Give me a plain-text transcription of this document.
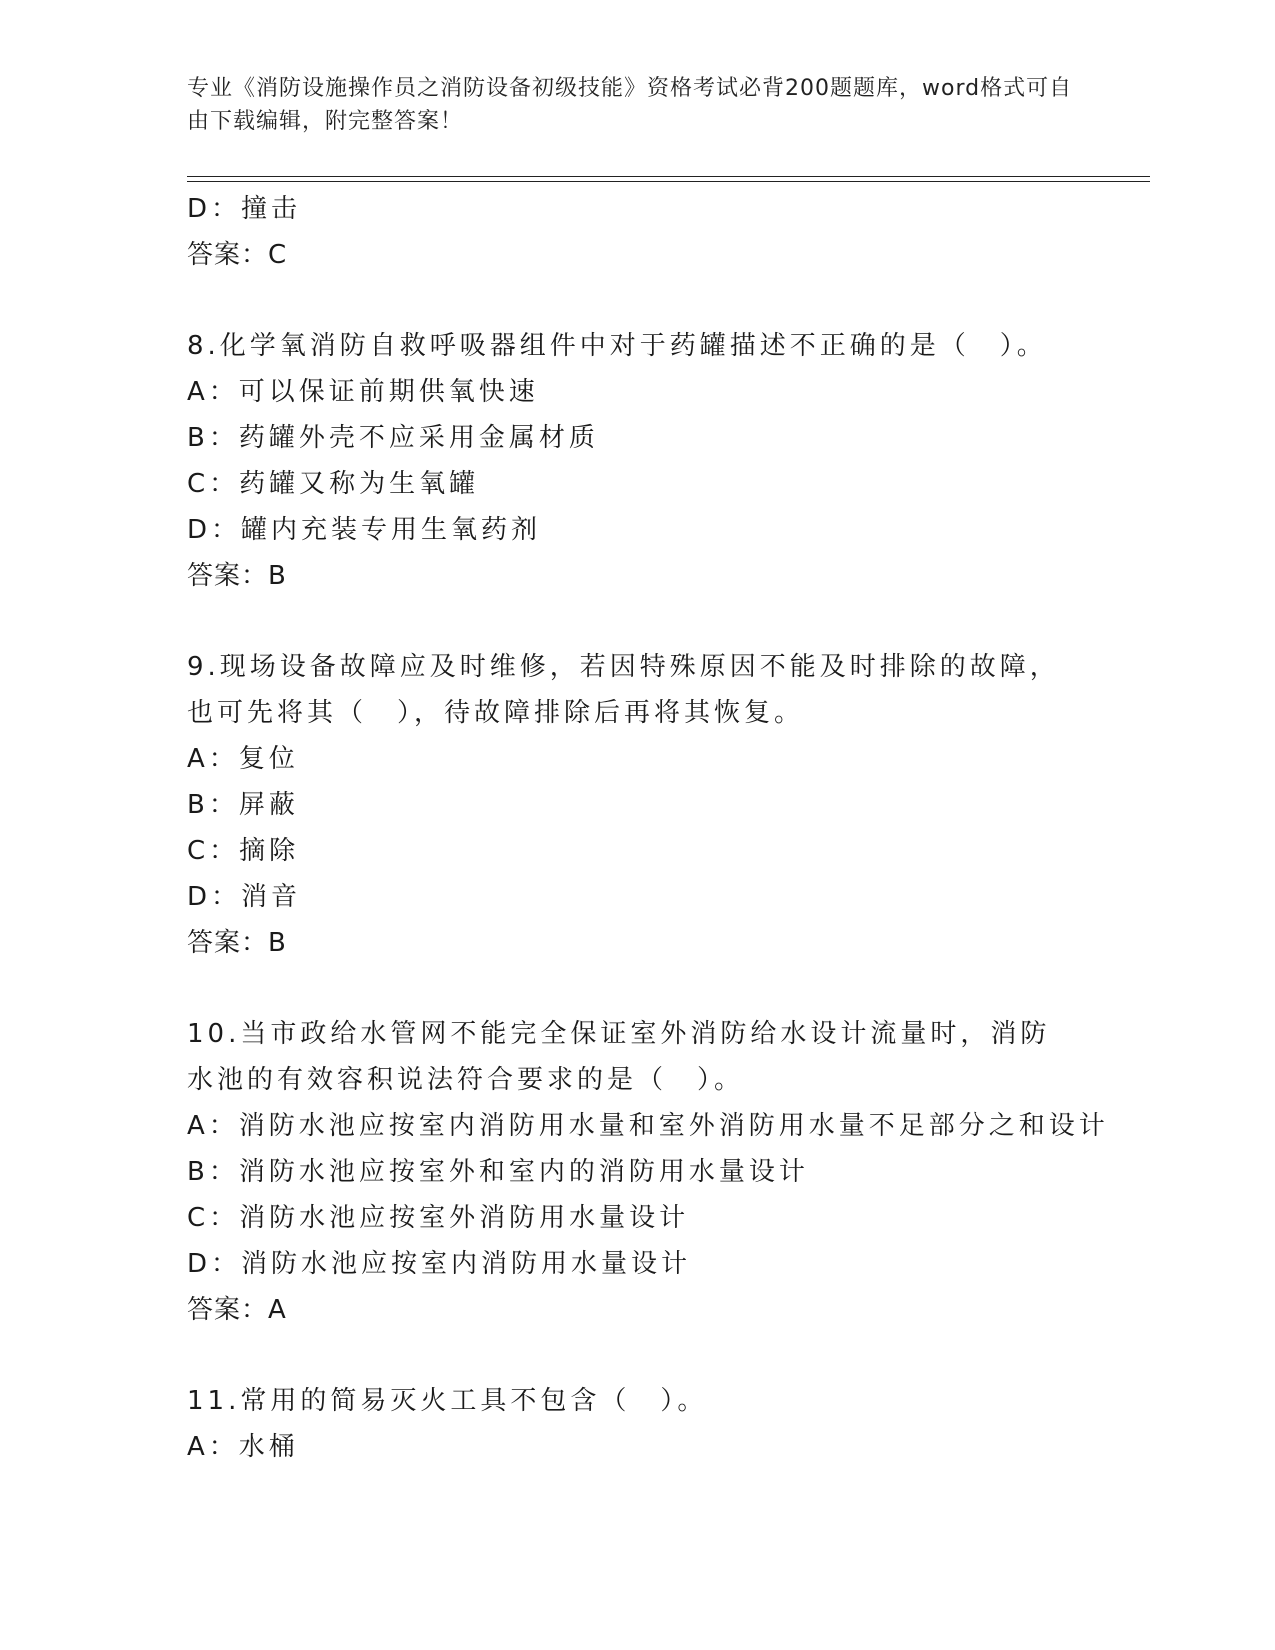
专业《消防设施操作员之消防设备初级技能》资格考试必背200题题库，word格式可自由下载编辑，附完整答案！
D：撞击
答案：C
8.化学氧消防自救呼吸器组件中对于药罐描述不正确的是（　）。
A：可以保证前期供氧快速
B：药罐外壳不应采用金属材质
C：药罐又称为生氧罐
D：罐内充装专用生氧药剂
答案：B
9.现场设备故障应及时维修，若因特殊原因不能及时排除的故障，也可先将其（　），待故障排除后再将其恢复。
A：复位
B：屏蔽
C：摘除
D：消音
答案：B
10.当市政给水管网不能完全保证室外消防给水设计流量时，消防水池的有效容积说法符合要求的是（　）。
A：消防水池应按室内消防用水量和室外消防用水量不足部分之和设计
B：消防水池应按室外和室内的消防用水量设计
C：消防水池应按室外消防用水量设计
D：消防水池应按室内消防用水量设计
答案：A
11.常用的简易灭火工具不包含（　）。
A：水桶
